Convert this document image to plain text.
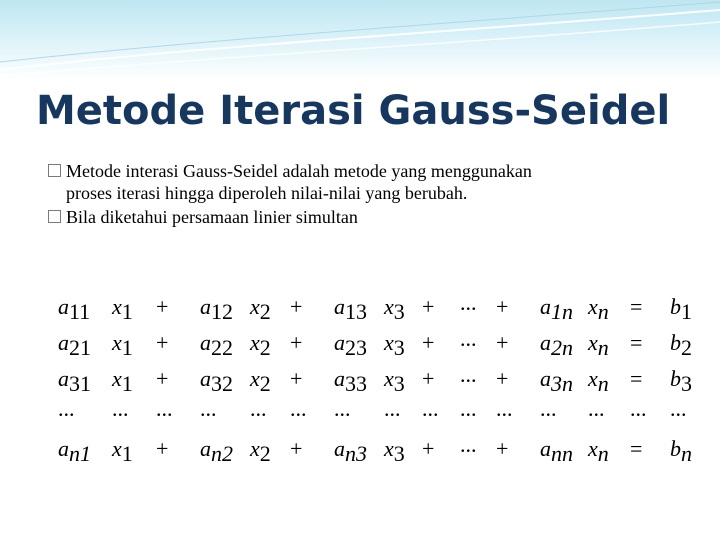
Metode Iterasi Gauss-Seidel
Metode interasi Gauss-Seidel adalah metode yang menggunakan
proses iterasi hingga diperoleh nilai-nilai yang berubah.
Bila diketahui persamaan linier simultan
a11 x1 + a12 x2 + a13 x3 + ... + a1n xn = b1
a21 x1 + a22 x2 + a23 x3 + ... + a2n xn = b2
a31 x1 + a32 x2 + a33 x3 + ... + a3n xn = b3
... ... ... ... ... ... ... ... ... ... ... ... ... ... ...
an1 x1 + an2 x2 + an3 x3 + ... + ann xn = bn
